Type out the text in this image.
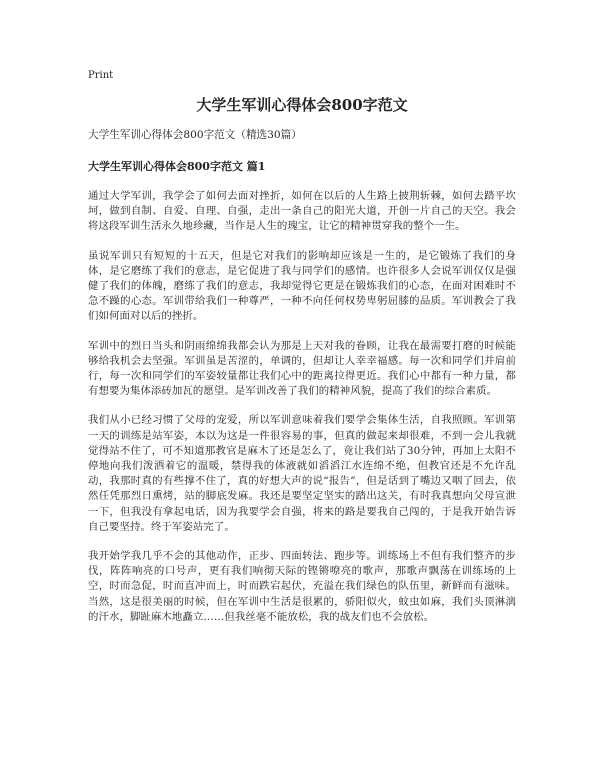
Print
大学生军训心得体会800字范文
大学生军训心得体会800字范文（精选30篇）
大学生军训心得体会800字范文 篇1

通过大学军训，我学会了如何去面对挫折，如何在以后的人生路上披荆斩棘，如何去踏平坎坷，做到自制、自爱、自理、自强，走出一条自己的阳光大道，开创一片自己的天空。我会将这段军训生活永久地珍藏，当作是人生的瑰宝，让它的精神贯穿我的整个一生。

虽说军训只有短短的十五天，但是它对我们的影响却应该是一生的，是它锻炼了我们的身体，是它磨练了我们的意志，是它促进了我与同学们的感情。也许很多人会说军训仅仅是强健了我们的体魄，磨练了我们的意志，我却觉得它更是在锻炼我们的心态，在面对困难时不急不躁的心态。军训带给我们一种尊严，一种不向任何权势卑躬屈膝的品质。军训教会了我们如何面对以后的挫折。

军训中的烈日当头和阴雨绵绵我都会认为那是上天对我的眷顾，让我在最需要打磨的时候能够给我机会去坚强。军训虽是苦涩的，单调的，但却让人幸幸福感。每一次和同学们并肩前行，每一次和同学们的军姿较量都让我们心中的距离拉得更近。我们心中都有一种力量，都有想要为集体添砖加瓦的愿望。是军训改善了我们的精神风貌，提高了我们的综合素质。

我们从小已经习惯了父母的宠爱，所以军训意味着我们要学会集体生活，自我照顾。军训第一天的训练是站军姿，本以为这是一件很容易的事，但真的做起来却很难，不到一会儿我就觉得站不住了，可不知道那教官是麻木了还是怎么了，竟让我们站了30分钟，再加上太阳不停地向我们泼洒着它的温暖，禁得我的体液就如滔滔江水连绵不绝，但教官还是不允许乱动，我那时真的有些撑不住了，真的好想大声的说“报告”，但是话到了嘴边又咽了回去，依然任凭那烈日熏烤，站的脚底发麻。我还是要坚定坚实的踏出这关，有时我真想向父母宣泄一下，但我没有拿起电话，因为我要学会自强，将来的路是要我自己闯的，于是我开始告诉自己要坚持。终于军姿站完了。

我开始学我几乎不会的其他动作，正步、四面转法、跑步等。训练场上不但有我们整齐的步伐，阵阵响亮的口号声，更有我们响彻天际的铿锵嘹亮的歌声，那歌声飘荡在训练场的上空，时而急促，时而直冲而上，时而跌宕起伏，充溢在我们绿色的队伍里，新鲜而有滋味。当然，这是很美丽的时候，但在军训中生活是很累的，骄阳似火，蚊虫如麻，我们头顶淋漓的汗水，脚趾麻木地矗立……但我丝毫不能放松，我的战友们也不会放松。
